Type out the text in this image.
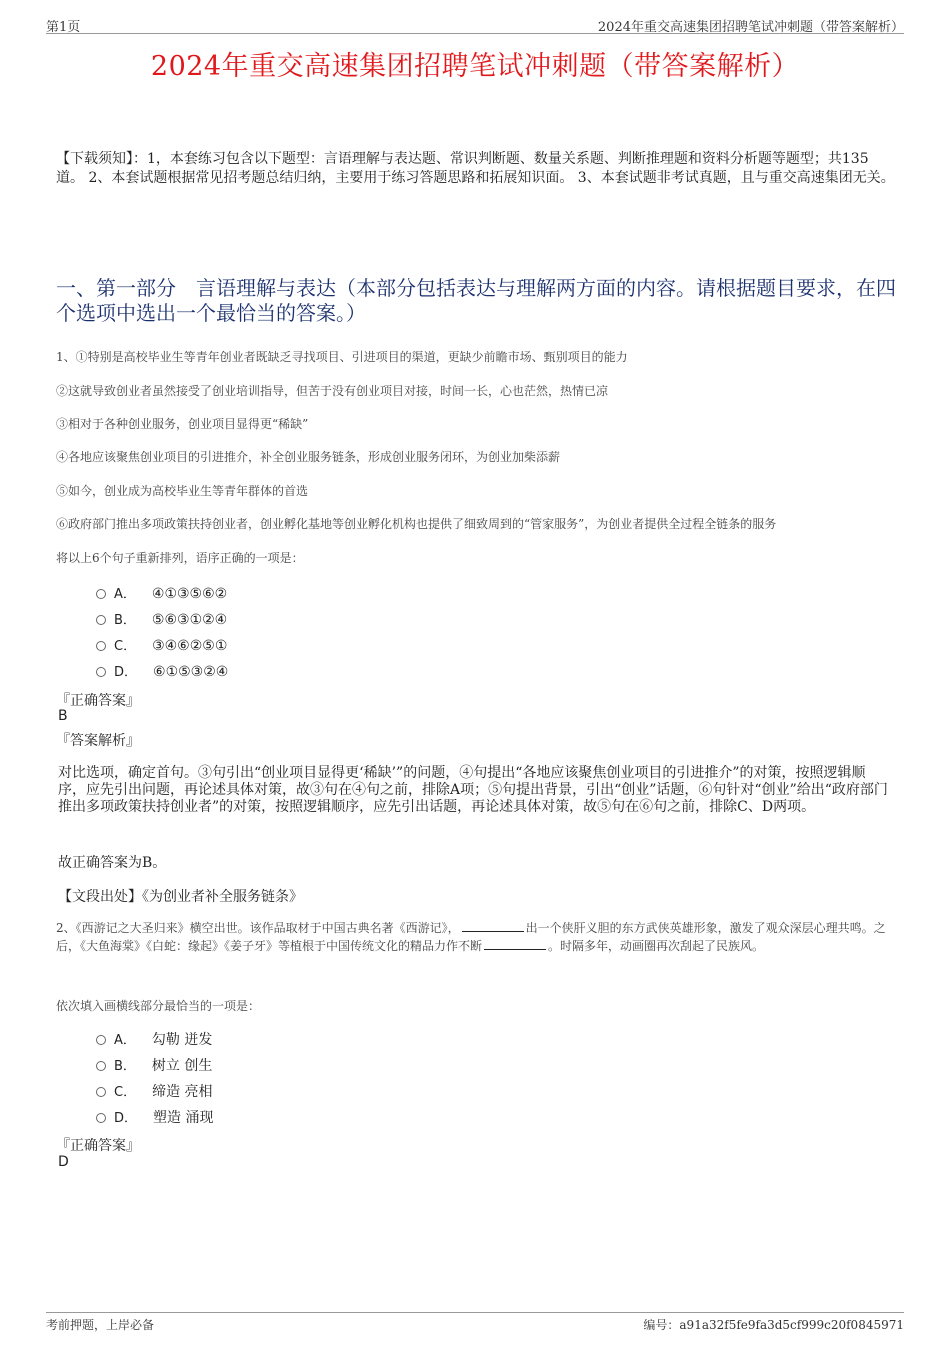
第1页	2024年重交高速集团招聘笔试冲刺题（带答案解析）
2024年重交高速集团招聘笔试冲刺题（带答案解析）
【下载须知】：1，本套练习包含以下题型：言语理解与表达题、常识判断题、数量关系题、判断推理题和资料分析题等题型；共135道。 2、本套试题根据常见招考题总结归纳，主要用于练习答题思路和拓展知识面。 3、本套试题非考试真题，且与重交高速集团无关。
一、第一部分　言语理解与表达（本部分包括表达与理解两方面的内容。请根据题目要求，在四个选项中选出一个最恰当的答案。）
1、①特别是高校毕业生等青年创业者既缺乏寻找项目、引进项目的渠道，更缺少前瞻市场、甄别项目的能力
②这就导致创业者虽然接受了创业培训指导，但苦于没有创业项目对接，时间一长，心也茫然，热情已凉
③相对于各种创业服务，创业项目显得更“稀缺”
④各地应该聚焦创业项目的引进推介，补全创业服务链条，形成创业服务闭环，为创业加柴添薪
⑤如今，创业成为高校毕业生等青年群体的首选
⑥政府部门推出多项政策扶持创业者，创业孵化基地等创业孵化机构也提供了细致周到的“管家服务”，为创业者提供全过程全链条的服务
将以上6个句子重新排列，语序正确的一项是：
A． ④①③⑤⑥②
B． ⑤⑥③①②④
C． ③④⑥②⑤①
D． ⑥①⑤③②④
『正确答案』
B
『答案解析』
对比选项，确定首句。③句引出“创业项目显得更‘稀缺’”的问题，④句提出“各地应该聚焦创业项目的引进推介”的对策，按照逻辑顺序，应先引出问题，再论述具体对策，故③句在④句之前，排除A项；⑤句提出背景，引出“创业”话题，⑥句针对“创业”给出“政府部门推出多项政策扶持创业者”的对策，按照逻辑顺序，应先引出话题，再论述具体对策，故⑤句在⑥句之前，排除C、D两项。
故正确答案为B。
【文段出处】《为创业者补全服务链条》
2、《西游记之大圣归来》横空出世。该作品取材于中国古典名著《西游记》，	出一个侠肝义胆的东方武侠英雄形象，激发了观众深层心理共鸣。之后，《大鱼海棠》《白蛇：缘起》《姜子牙》等植根于中国传统文化的精品力作不断	。时隔多年，动画圈再次刮起了民族风。
依次填入画横线部分最恰当的一项是：
A． 勾勒 迸发
B． 树立 创生
C． 缔造 亮相
D． 塑造 涌现
『正确答案』
D
考前押题，上岸必备	编号：a91a32f5fe9fa3d5cf999c20f0845971
